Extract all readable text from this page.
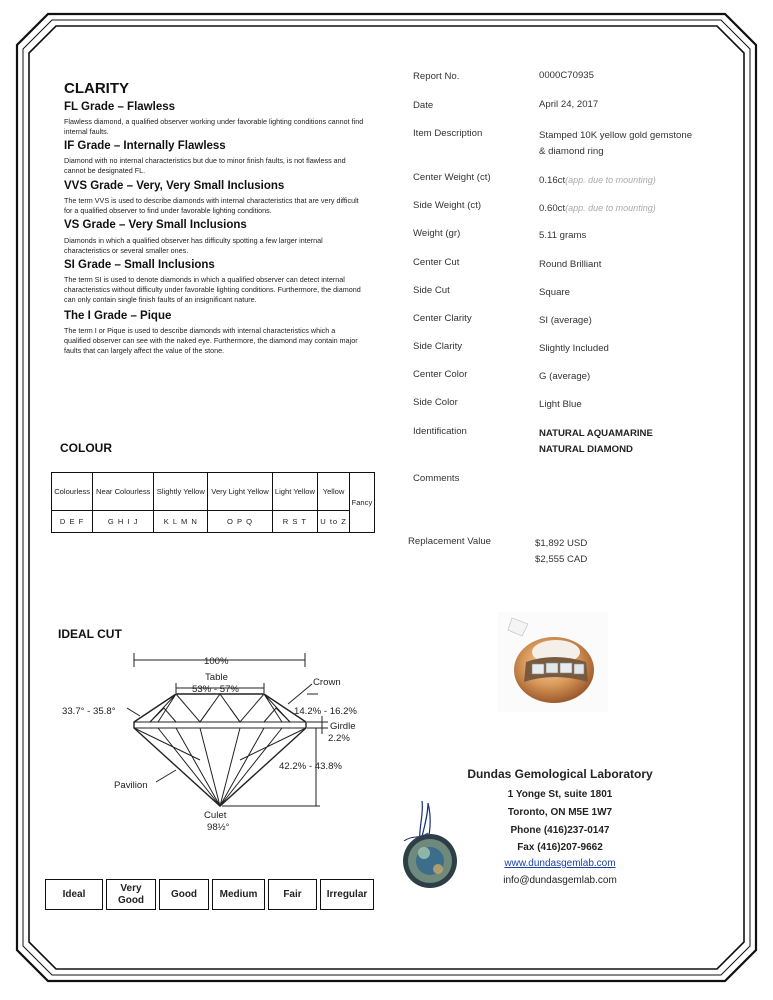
CLARITY
FL Grade – Flawless
Flawless diamond, a qualified observer working under favorable lighting conditions cannot find internal faults.
IF Grade – Internally Flawless
Diamond with no internal characteristics but due to minor finish faults, is not flawless and cannot be designated FL.
VVS Grade – Very, Very Small Inclusions
The term VVS is used to describe diamonds with internal characteristics that are very difficult for a qualified observer to find under favorable lighting conditions.
VS Grade – Very Small Inclusions
Diamonds in which a qualified observer has difficulty spotting a few larger internal characteristics or several smaller ones.
SI Grade – Small Inclusions
The term SI is used to denote diamonds in which a qualified observer can detect internal characteristics without difficulty under favorable lighting conditions. Furthermore, the diamond can only contain single finish faults of an insignificant nature.
The I Grade – Pique
The term I or Pique is used to describe diamonds with internal characteristics which a qualified observer can see with the naked eye. Furthermore, the diamond may contain major faults that can largely affect the value of the stone.
COLOUR
Colourless	Near Colourless	Slightly Yellow	Very Light Yellow	Light Yellow	Yellow	Fancy
D E F	G H I J	K L M N	O P Q	R S T	U to Z	
IDEAL CUT
100%
Table
53% - 57%
Crown
33.7° - 35.8°	14.2% - 16.2%
Girdle
2.2%
42.2% - 43.8%
Pavilion
Culet
98½°
Ideal
Very Good
Good	Medium	Fair	Irregular
Report No.	0000C70935
Date	April 24, 2017
Item Description	Stamped 10K yellow gold gemstone & diamond ring
Center Weight (ct)	0.16ct(app. due to mounting)
Side Weight (ct)	0.60ct(app. due to mounting)
Weight (gr)	5.11 grams
Center Cut	Round Brilliant
Side Cut	Square
Center Clarity	SI (average)
Side Clarity	Slightly Included
Center Color	G (average)
Side Color	Light Blue
Identification	NATURAL AQUAMARINE
NATURAL DIAMOND
Comments
Replacement Value	$1,892 USD
$2,555 CAD
Dundas Gemological Laboratory
1 Yonge St, suite 1801
Toronto, ON M5E 1W7
Phone (416)237-0147
Fax (416)207-9662
www.dundasgemlab.com
info@dundasgemlab.com
